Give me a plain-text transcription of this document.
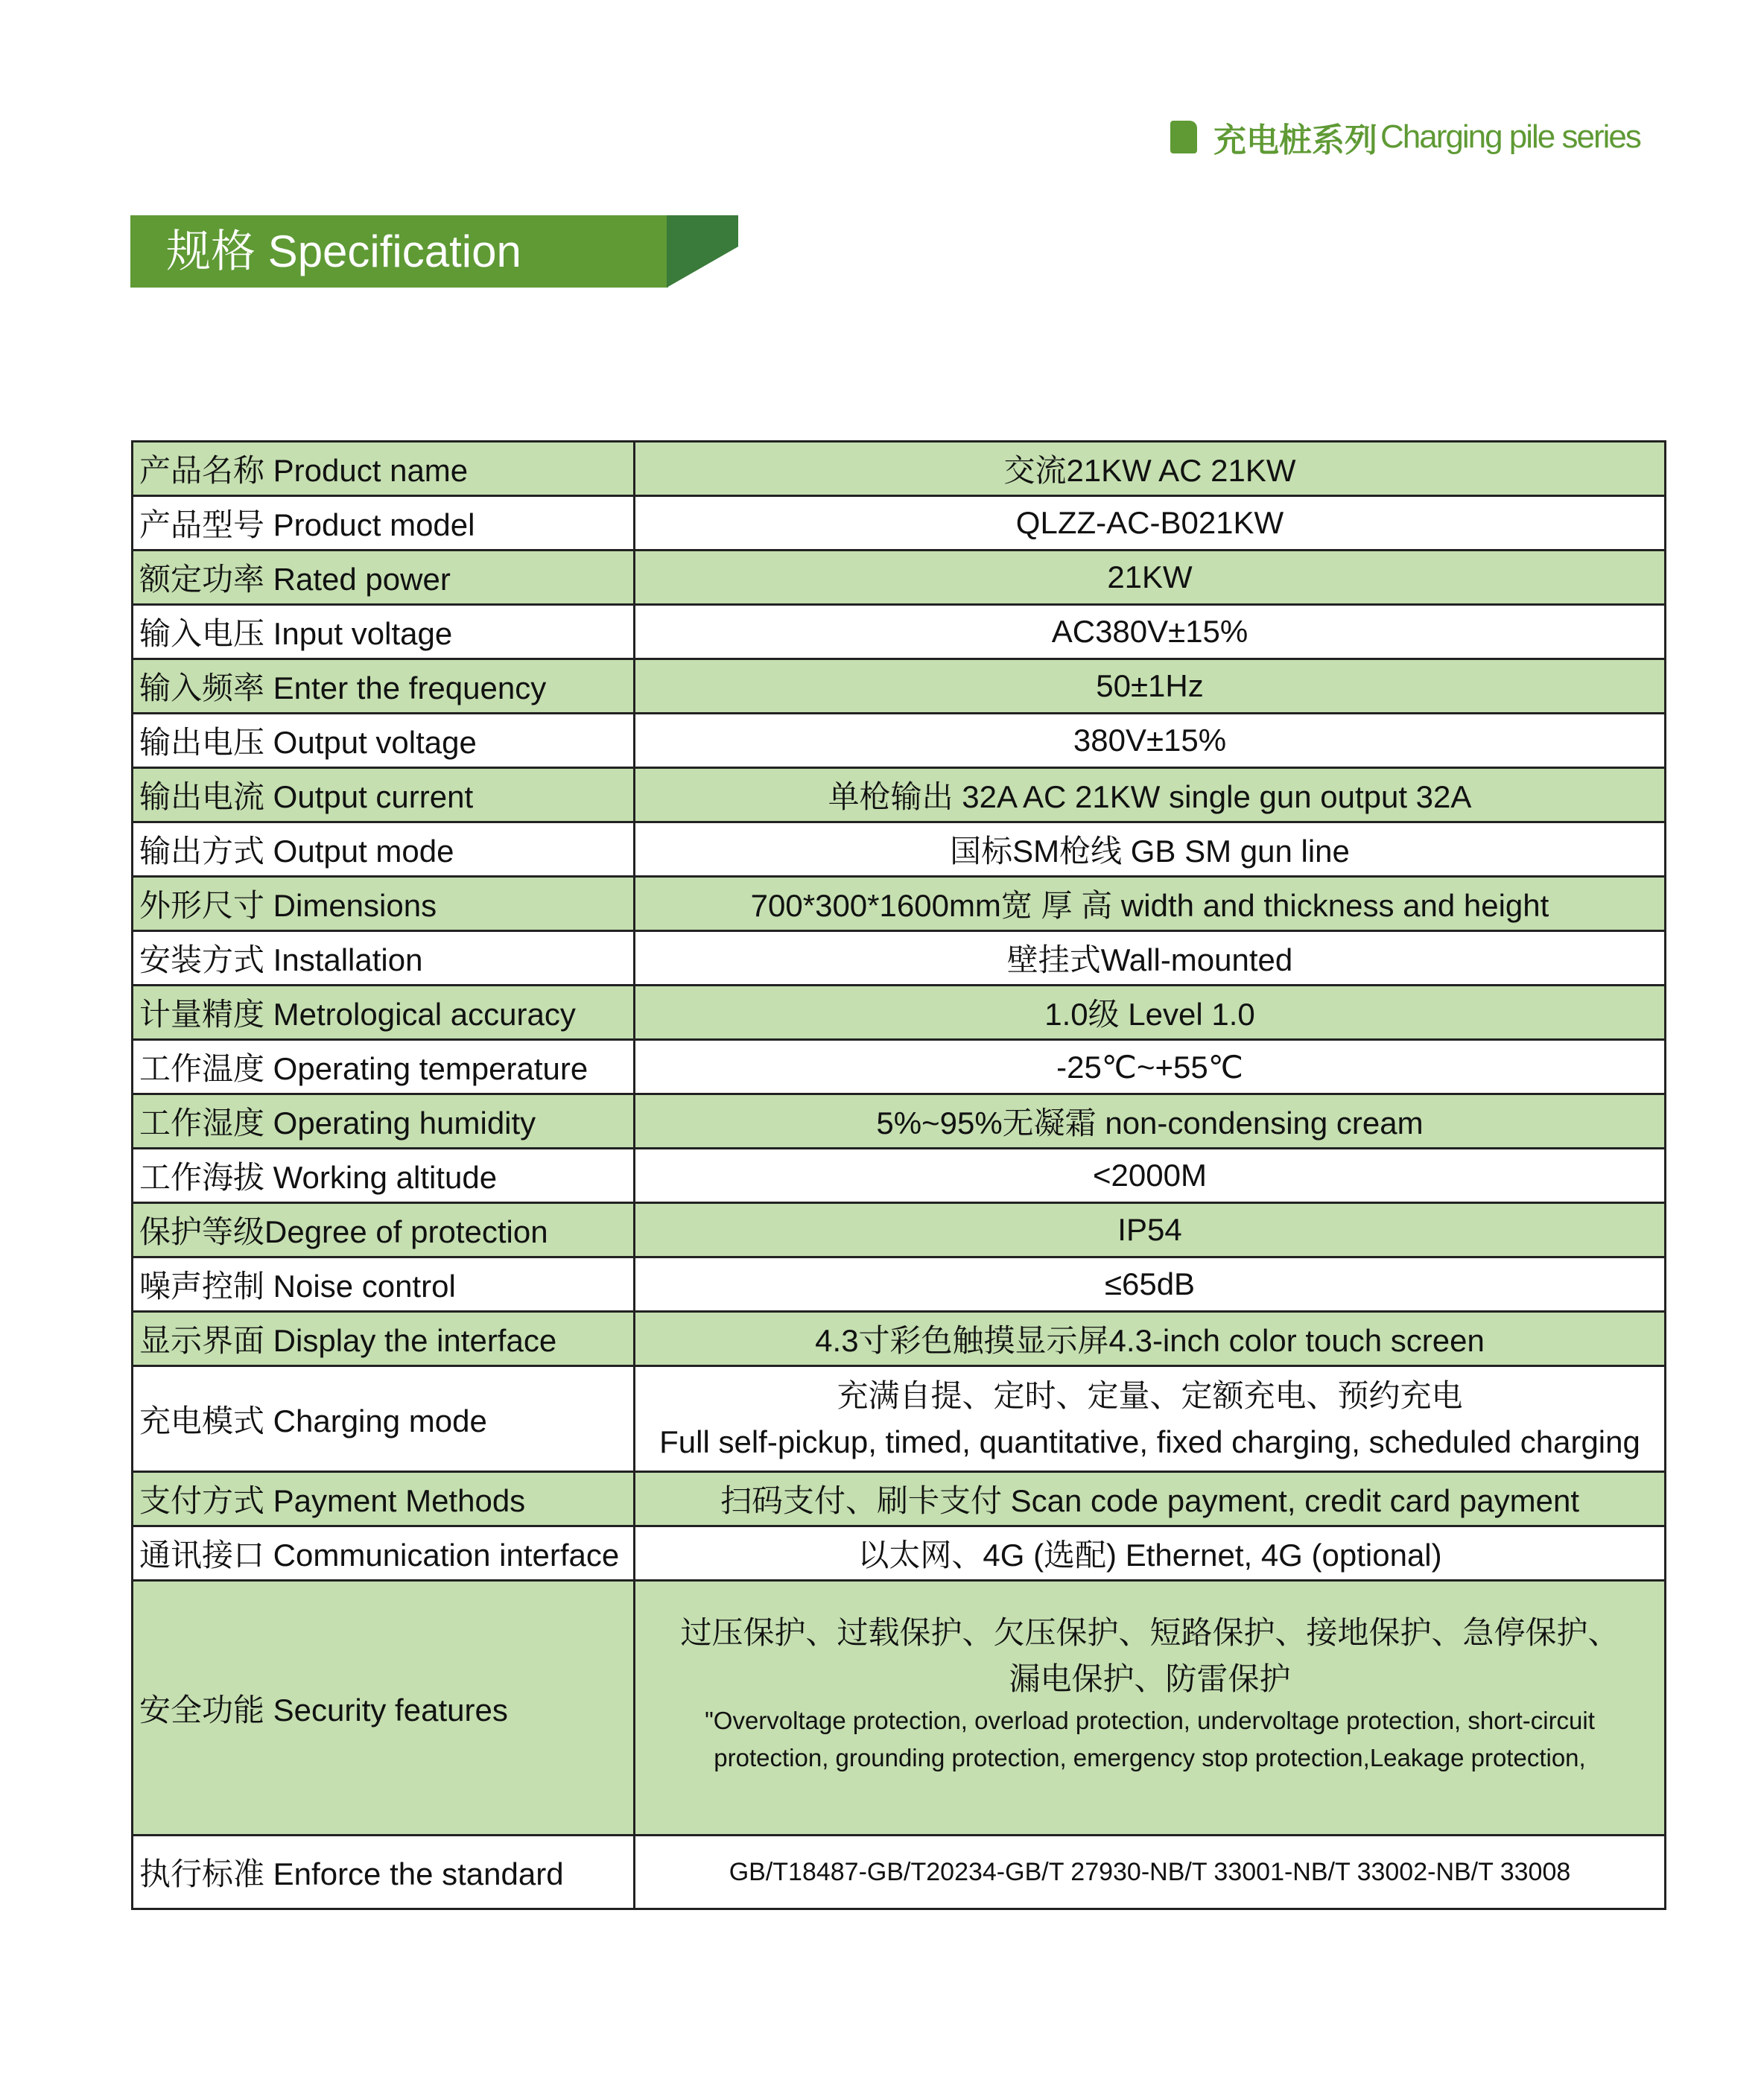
充电桩系列 Charging pile series
规格 Specification
产品名称 Product name	交流21KW AC 21KW

产品型号 Product model	QLZZ-AC-B021KW

额定功率 Rated power	21KW

输入电压 Input voltage	AC380V±15%

输入频率 Enter the frequency	50±1Hz

输出电压 Output voltage	380V±15%

输出电流 Output current	单枪输出 32A AC 21KW single gun output 32A

输出方式 Output mode	国标SM枪线 GB SM gun line

外形尺寸 Dimensions	700*300*1600mm宽 厚 高 width and thickness and height

安装方式 Installation	壁挂式Wall-mounted

计量精度 Metrological accuracy	1.0级 Level 1.0

工作温度 Operating temperature	-25℃~+55℃

工作湿度 Operating humidity	5%~95%无凝霜 non-condensing cream

工作海拔 Working altitude	<2000M

保护等级Degree of protection	IP54

噪声控制 Noise control	≤65dB

显示界面 Display the interface	4.3寸彩色触摸显示屏4.3-inch color touch screen

充电模式 Charging mode	充满自提、定时、定量、定额充电、预约充电
Full self-pickup, timed, quantitative, fixed charging, scheduled charging

支付方式 Payment Methods	扫码支付、刷卡支付 Scan code payment, credit card payment

通讯接口 Communication interface	以太网、4G (选配) Ethernet, 4G (optional)

安全功能 Security features	过压保护、过载保护、欠压保护、短路保护、接地保护、急停保护、
漏电保护、防雷保护
"Overvoltage protection, overload protection, undervoltage protection, short-circuit
protection, grounding protection, emergency stop protection,Leakage protection,

执行标准 Enforce the standard	GB/T18487-GB/T20234-GB/T 27930-NB/T 33001-NB/T 33002-NB/T 33008
